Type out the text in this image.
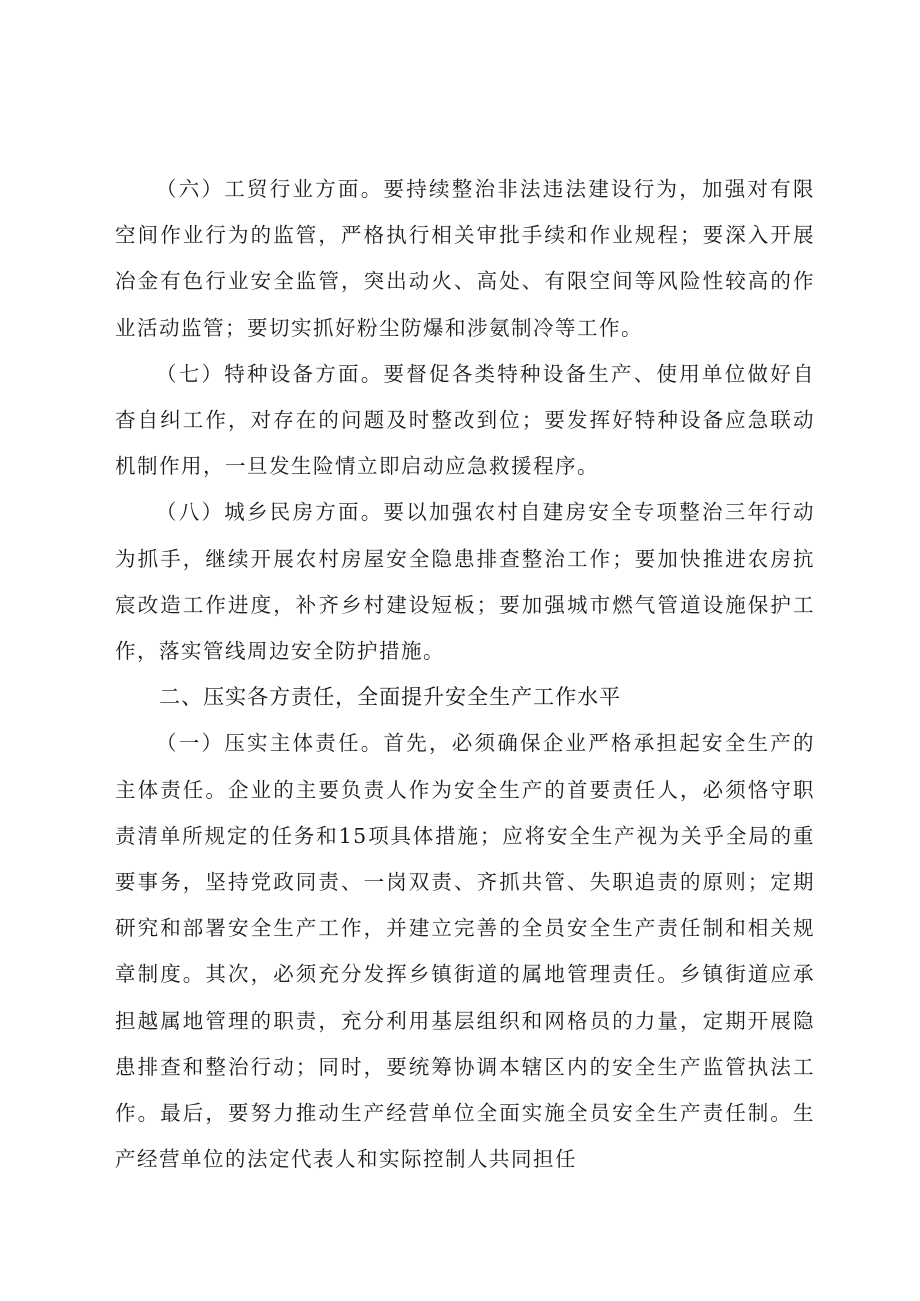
（六）工贸行业方面。要持续整治非法违法建设行为，加强对有限空间作业行为的监管，严格执行相关审批手续和作业规程；要深入开展冶金有色行业安全监管，突出动火、高处、有限空间等风险性较高的作业活动监管；要切实抓好粉尘防爆和涉氨制冷等工作。

（七）特种设备方面。要督促各类特种设备生产、使用单位做好自杳自纠工作，对存在的问题及时整改到位；要发挥好特种设备应急联动机制作用，一旦发生险情立即启动应急救援程序。

（八）城乡民房方面。要以加强农村自建房安全专项整治三年行动为抓手，继续开展农村房屋安全隐患排查整治工作；要加快推进农房抗宸改造工作进度，补齐乡村建设短板；要加强城市燃气管道设施保护工作，落实管线周边安全防护措施。

二、压实各方责任，全面提升安全生产工作水平

（一）压实主体责任。首先，必须确保企业严格承担起安全生产的主体责任。企业的主要负责人作为安全生产的首要责任人，必须恪守职责清单所规定的任务和15项具体措施；应将安全生产视为关乎全局的重要事务，坚持党政同责、一岗双责、齐抓共管、失职追责的原则；定期研究和部署安全生产工作，并建立完善的全员安全生产责任制和相关规章制度。其次，必须充分发挥乡镇街道的属地管理责任。乡镇街道应承担越属地管理的职责，充分利用基层组织和网格员的力量，定期开展隐患排查和整治行动；同时，要统筹协调本辖区内的安全生产监管执法工作。最后，要努力推动生产经营单位全面实施全员安全生产责任制。生产经营单位的法定代表人和实际控制人共同担任
